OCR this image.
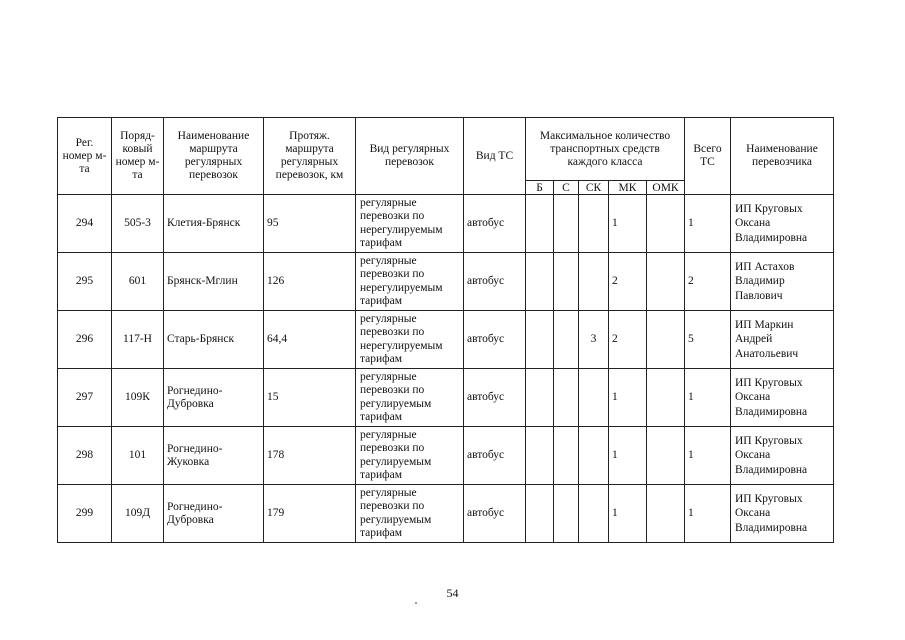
Рег. номер м-та	Поряд-ковый номер м-та	Наименование маршрута регулярных перевозок	Протяж. маршрута регулярных перевозок, км	Вид регулярных перевозок	Вид ТС	Максимальное количество транспортных средств каждого класса					Всего ТС	Наименование перевозчика
						Б	С	СК	МК	ОМК		
294	505-3	Клетия-Брянск	95	регулярные перевозки по нерегулируемым тарифам	автобус				1		1	ИП Круговых Оксана Владимировна
295	601	Брянск-Мглин	126	регулярные перевозки по нерегулируемым тарифам	автобус				2		2	ИП Астахов Владимир Павлович
296	117-Н	Старь-Брянск	64,4	регулярные перевозки по нерегулируемым тарифам	автобус			3	2		5	ИП Маркин Андрей Анатольевич
297	109К	Рогнедино-Дубровка	15	регулярные перевозки по регулируемым тарифам	автобус				1		1	ИП Круговых Оксана Владимировна
298	101	Рогнедино-Жуковка	178	регулярные перевозки по регулируемым тарифам	автобус				1		1	ИП Круговых Оксана Владимировна
299	109Д	Рогнедино-Дубровка	179	регулярные перевозки по регулируемым тарифам	автобус				1		1	ИП Круговых Оксана Владимировна
54
